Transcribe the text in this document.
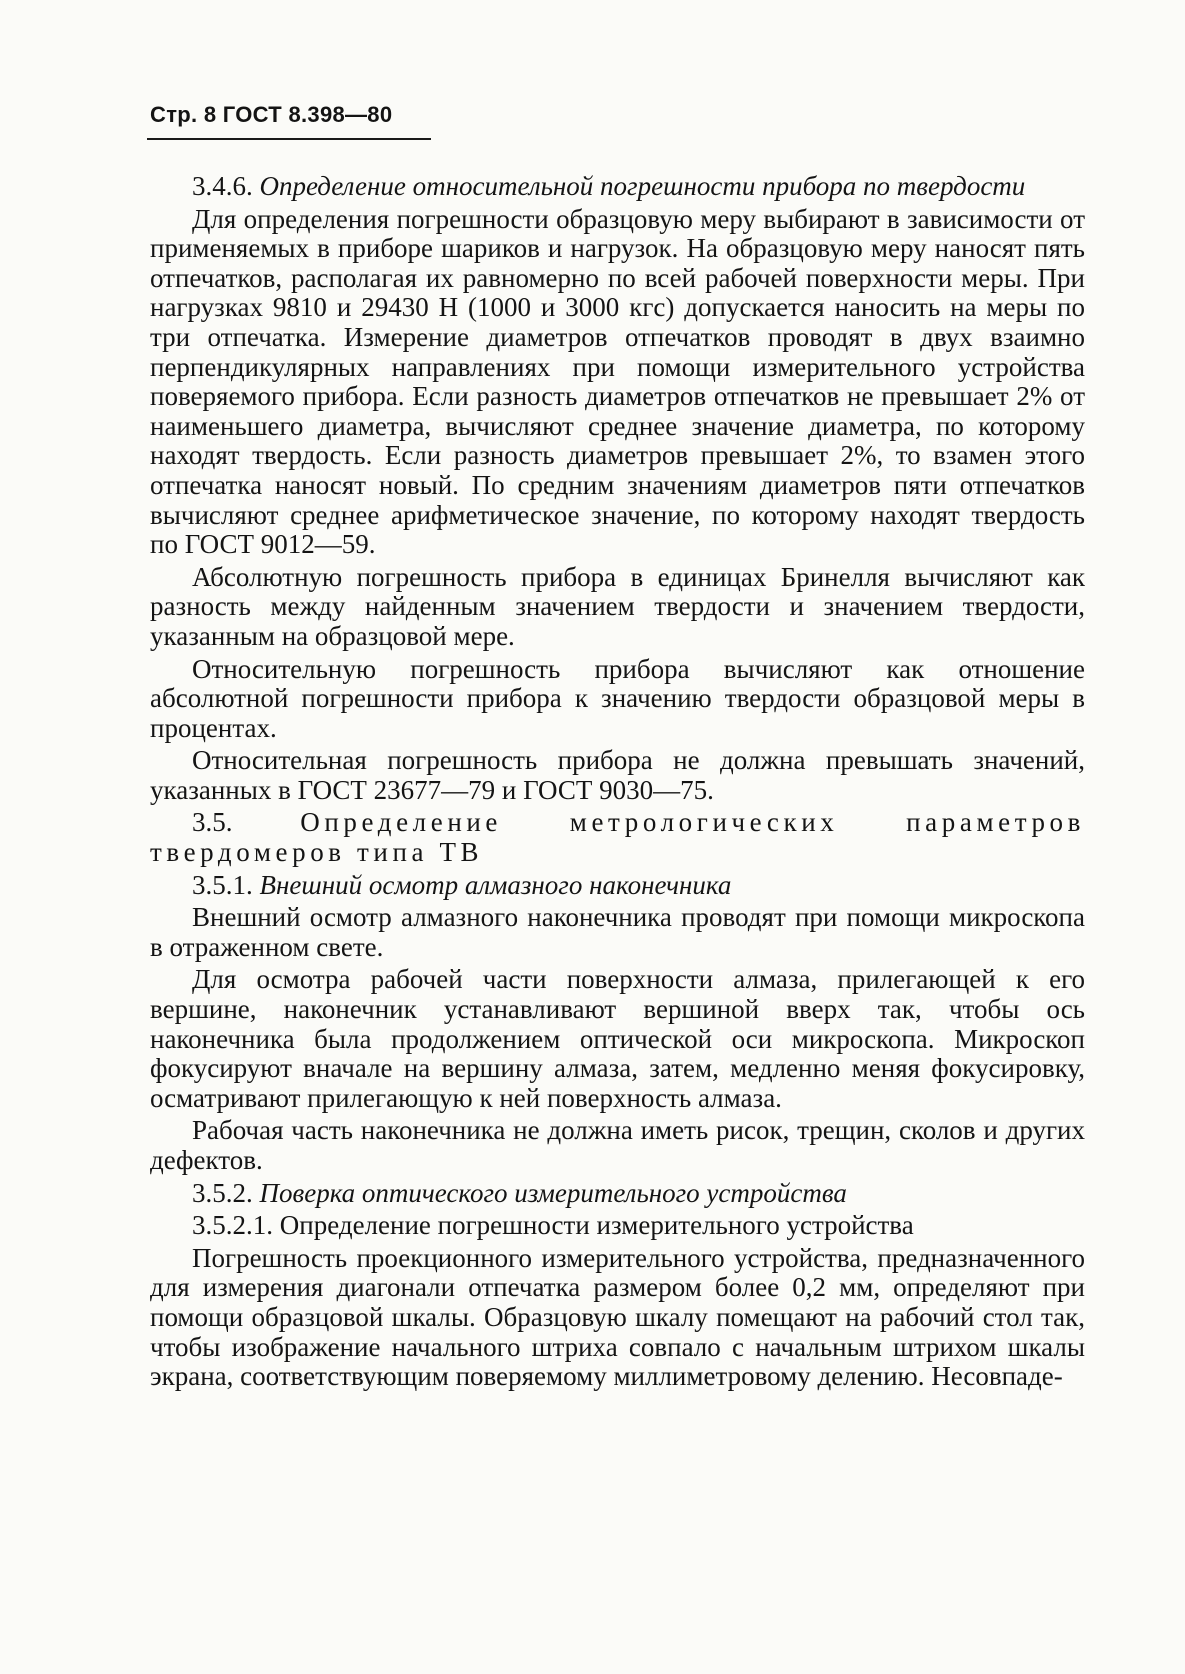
Стр. 8 ГОСТ 8.398—80

3.4.6. Определение относительной погрешности прибора по твердости

Для определения погрешности образцовую меру выбирают в зависимости от применяемых в приборе шариков и нагрузок. На образцовую меру наносят пять отпечатков, располагая их равномерно по всей рабочей поверхности меры. При нагрузках 9810 и 29430 Н (1000 и 3000 кгс) допускается наносить на меры по три отпечатка. Измерение диаметров отпечатков проводят в двух взаимно перпендикулярных направлениях при помощи измерительного устройства поверяемого прибора. Если разность диаметров отпечатков не превышает 2% от наименьшего диаметра, вычисляют среднее значение диаметра, по которому находят твердость. Если разность диаметров превышает 2%, то взамен этого отпечатка наносят новый. По средним значениям диаметров пяти отпечатков вычисляют среднее арифметическое значение, по которому находят твердость по ГОСТ 9012—59.

Абсолютную погрешность прибора в единицах Бринелля вычисляют как разность между найденным значением твердости и значением твердости, указанным на образцовой мере.

Относительную погрешность прибора вычисляют как отношение абсолютной погрешности прибора к значению твердости образцовой меры в процентах.

Относительная погрешность прибора не должна превышать значений, указанных в ГОСТ 23677—79 и ГОСТ 9030—75.

3.5.	Определение метрологических параметров твердомеров типа ТВ

3.5.1. Внешний осмотр алмазного наконечника

Внешний осмотр алмазного наконечника проводят при помощи микроскопа в отраженном свете.

Для осмотра рабочей части поверхности алмаза, прилегающей к его вершине, наконечник устанавливают вершиной вверх так, чтобы ось наконечника была продолжением оптической оси микроскопа. Микроскоп фокусируют вначале на вершину алмаза, затем, медленно меняя фокусировку, осматривают прилегающую к ней поверхность алмаза.

Рабочая часть наконечника не должна иметь рисок, трещин, сколов и других дефектов.

3.5.2. Поверка оптического измерительного устройства

3.5.2.1. Определение погрешности измерительного устройства

Погрешность проекционного измерительного устройства, предназначенного для измерения диагонали отпечатка размером более 0,2 мм, определяют при помощи образцовой шкалы. Образцовую шкалу помещают на рабочий стол так, чтобы изображение начального штриха совпало с начальным штрихом шкалы экрана, соответствующим поверяемому миллиметровому делению. Несовпаде-
